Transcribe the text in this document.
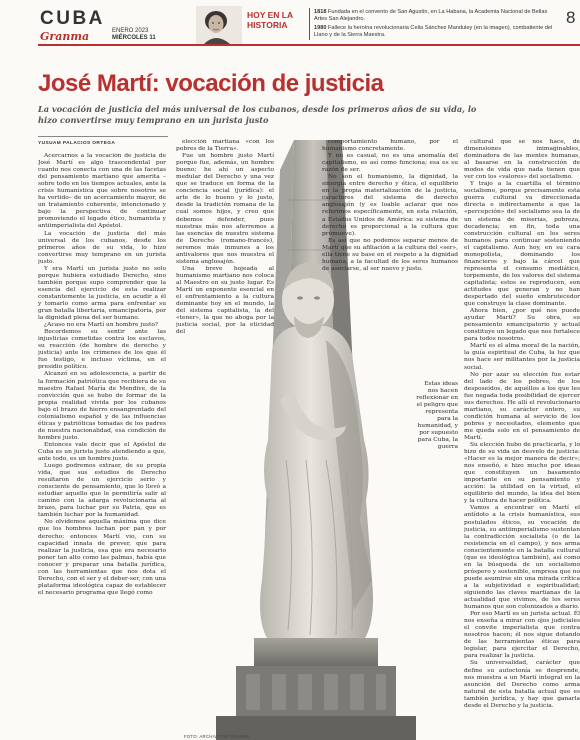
CUBA
Granma	ENERO 2023
MIÉRCOLES 11
HOY EN LA
HISTORIA

1818 Fundada en el convento de San Agustín, en La Habana, la Academia Nacional de Bellas Artes San Alejandro.

1980 Fallece la heroína revolucionaria Celia Sánchez Manduley (en la imagen), combatiente del Llano y de la Sierra Maestra.

8
José Martí: vocación de justicia
La vocación de justicia del más universal de los cubanos, desde los primeros años de su vida, lo hizo convertirse muy temprano en un jurista justo
YUSUAM PALACIOS ORTEGA
FOTO: ARCHIVO DE GRANMA

Acercarnos a la vocación de justicia de José Martí es algo trascendental por cuanto nos conecta con una de las facetas del pensamiento martiano que amerita –sobre todo en los tiempos actuales, ante la crisis humanística que sobre nosotros se ha vertido– de un acercamiento mayor, de un tratamiento coherente, intencionado y bajo la perspectiva de continuar promoviendo el legado ético, humanista y antiimperialista del Apóstol.

La vocación de justicia del más universal de los cubanos, desde los primeros años de su vida, lo hizo convertirse muy temprano en un jurista justo.

Y era Martí un jurista justo no solo porque hubiera estudiado Derecho, sino también porque supo comprender que la esencia del ejercicio de esta realizar constantemente la justicia, en acudir a él y tomarlo como arma para enfrentar su gran batalla libertaria, emancipatoria, por la dignidad plena del ser humano.

¿Acaso no era Martí un hombre justo?

Recordemos su sentir ante las injusticias cometidas contra los esclavos, su reacción (de hombre de derecho y justicia) ante los crímenes de los que él fue testigo, e incluso víctima, en el presidio político.

Alcanzó en su adolescencia, a partir de la formación patriótica que recibiera de su maestro Rafael María de Mendive, de la convicción que se hubo de formar de la propia realidad vivida por los cubanos bajo el brazo de hierro ensangrentado del colonialismo español y de las influencias éticas y patrióticas tomadas de los padres de nuestra nacionalidad, esa condición de hombre justo.

Entonces vale decir que el Apóstol de Cuba es un jurista justo atendiendo a que, ante todo, es un hombre justo.

Luego podremos extraer, de su propia vida, que sus estudios de Derecho resultaron de un ejercicio serio y consciente de pensamiento, que lo llevó a estudiar aquello que le permitiría salir al camino con la adarga revolucionaria al brazo, para luchar por su Patria, que es también luchar por la humanidad.

No olvidemos aquella máxima que dice que los hombres luchan por pan y por derecho; entonces Martí vio, con su capacidad innata de prever, que para realizar la justicia, esa que era necesario poner tan alto como las palmas, había que conocer y preparar una batalla jurídica, con las herramientas que nos dota el Derecho, con el ser y el deber-ser, con una plataforma ideológica capaz de establecer el necesario programa que llegó como

elección martiana «con los pobres de la Tierra».

Fue un hombre justo Martí porque fue, además, un hombre bueno; he ahí un aspecto medular del Derecho y una vez que se traduce en forma de la conciencia social (jurídica): el arte de lo bueno y lo justo, desde la tradición romana de la cual somos hijos, y creo que debemos defender, pues nuestras más nos aferremos a las esencias de nuestro sistema de Derecho (romano-francés), seremos más inmunes a los antivalores que nos muestra el sistema anglosajón.

Una breve hojeada al humanismo martiano nos coloca al Maestro en su justo lugar. Es Martí un exponente esencial en el enfrentamiento a la cultura dominante hoy en el mundo, la del sistema capitalista, la del «tener», la que no aboga por la justicia social, por la eticidad del

comportamiento humano, por el humanismo concretamente.

Y no es casual, no es una anomalía del capitalismo, es así como funciona; esa es su razón de ser.

No son el humanismo, la dignidad, la sinergia entre derecho y ética, el equilibrio en la propia materialización de la justicia, caracteres del sistema de derecho anglosajón (y es loable aclarar que nos referimos específicamente, en esta relación, a Estados Unidos de América: su sistema de derecho es proporcional a la cultura que promueve).

Es así que no podemos separar menos de Martí que su afiliación a la cultura del «ser», ella tiene su base en el respeto a la dignidad humana, a la facultad de los seres humanos de asociarse, al ser nuevo y justo.

Estas ideas nos hacen reflexionar en el peligro que representa para la humanidad, y por supuesto para Cuba, la guerra

cultural que se nos hace, de dimensiones inimaginables, dominadora de las mentes humanas, al basarse en la construcción de modos de vida que nada tienen que ver con los «valores» del socialismo.

Y trajo a la cuartilla el término socialismo, porque precisamente esta guerra cultural va direccionada directa e indirectamente a que la «percepción» del socialismo sea la de un sistema de miserias, pobreza, decadencia; en fin, toda una construcción cultural en los seres humanos para continuar sosteniendo el capitalismo. Aun hoy, en su cara monopolista, dominando los financieros y bajo la cárcel que representa el consumo mediático, torpemente, de los valores del sistema capitalista; estos se reproducen, son actitudes que generan y no han despertado del sueño embrutecedor que construye la clase dominante.

Ahora bien, ¿por qué nos puede ayudar Martí? Su obra, su pensamiento emancipatorio y actual constituye un legado que nos fortalece para todos nosotros.

Martí es el alma moral de la nación, la guía espiritual de Cuba, la luz que nos hace ser militantes por la justicia social.

No por azar su elección fue estar del lado de los pobres, de los desposeídos, de aquéllos a los que les fue negada toda posibilidad de ejercer sus derechos. He allí el revolucionario martiano, su carácter entero, su condición humana al servicio de los pobres y necesitados, elemento que me queda solo en el pensamiento de Martí.

Su elección hubo de practicarla, y lo hizo de su vida un desvelo de justicia: «Hacer es la mejor manera de decir»; nos enseñó, e hizo mucho por ideas que constituyen un basamento importante en su pensamiento y acción: la utilidad en la virtud, el equilibrio del mundo, la idea del bien y la cultura de hacer política.

Vamos a encontrar en Martí el antídoto a la crisis humanística, sus postulados éticos, su vocación de justicia, su antiimperialismo sustentan la contradicción socialista (o de la resistencia en el campo), y nos arma conscientemente en la batalla cultural (que es ideológica también), así como en la búsqueda de un socialismo próspero y sostenible, empresa que no puede asumirse sin una mirada crítica a la subjetividad e espiritualidad; siguiendo las claves martianas de la actualidad que vivimos, de los seres humanos que son colonizados a diario.

Por eso Martí es un jurista actual. Él nos enseña a mirar con ojos judiciales el convite imperialista que contra nosotros hacen; él nos sigue dotando de las herramientas éticas para legislar, para ejercitar el Derecho, para realizar la justicia.

Su universalidad, carácter que define su autoctonía se desprende, nos muestra a un Martí integral en la asunción del Derecho como arma natural de esta batalla actual que es también jurídica, y hay que ganarla desde el Derecho y la justicia.
